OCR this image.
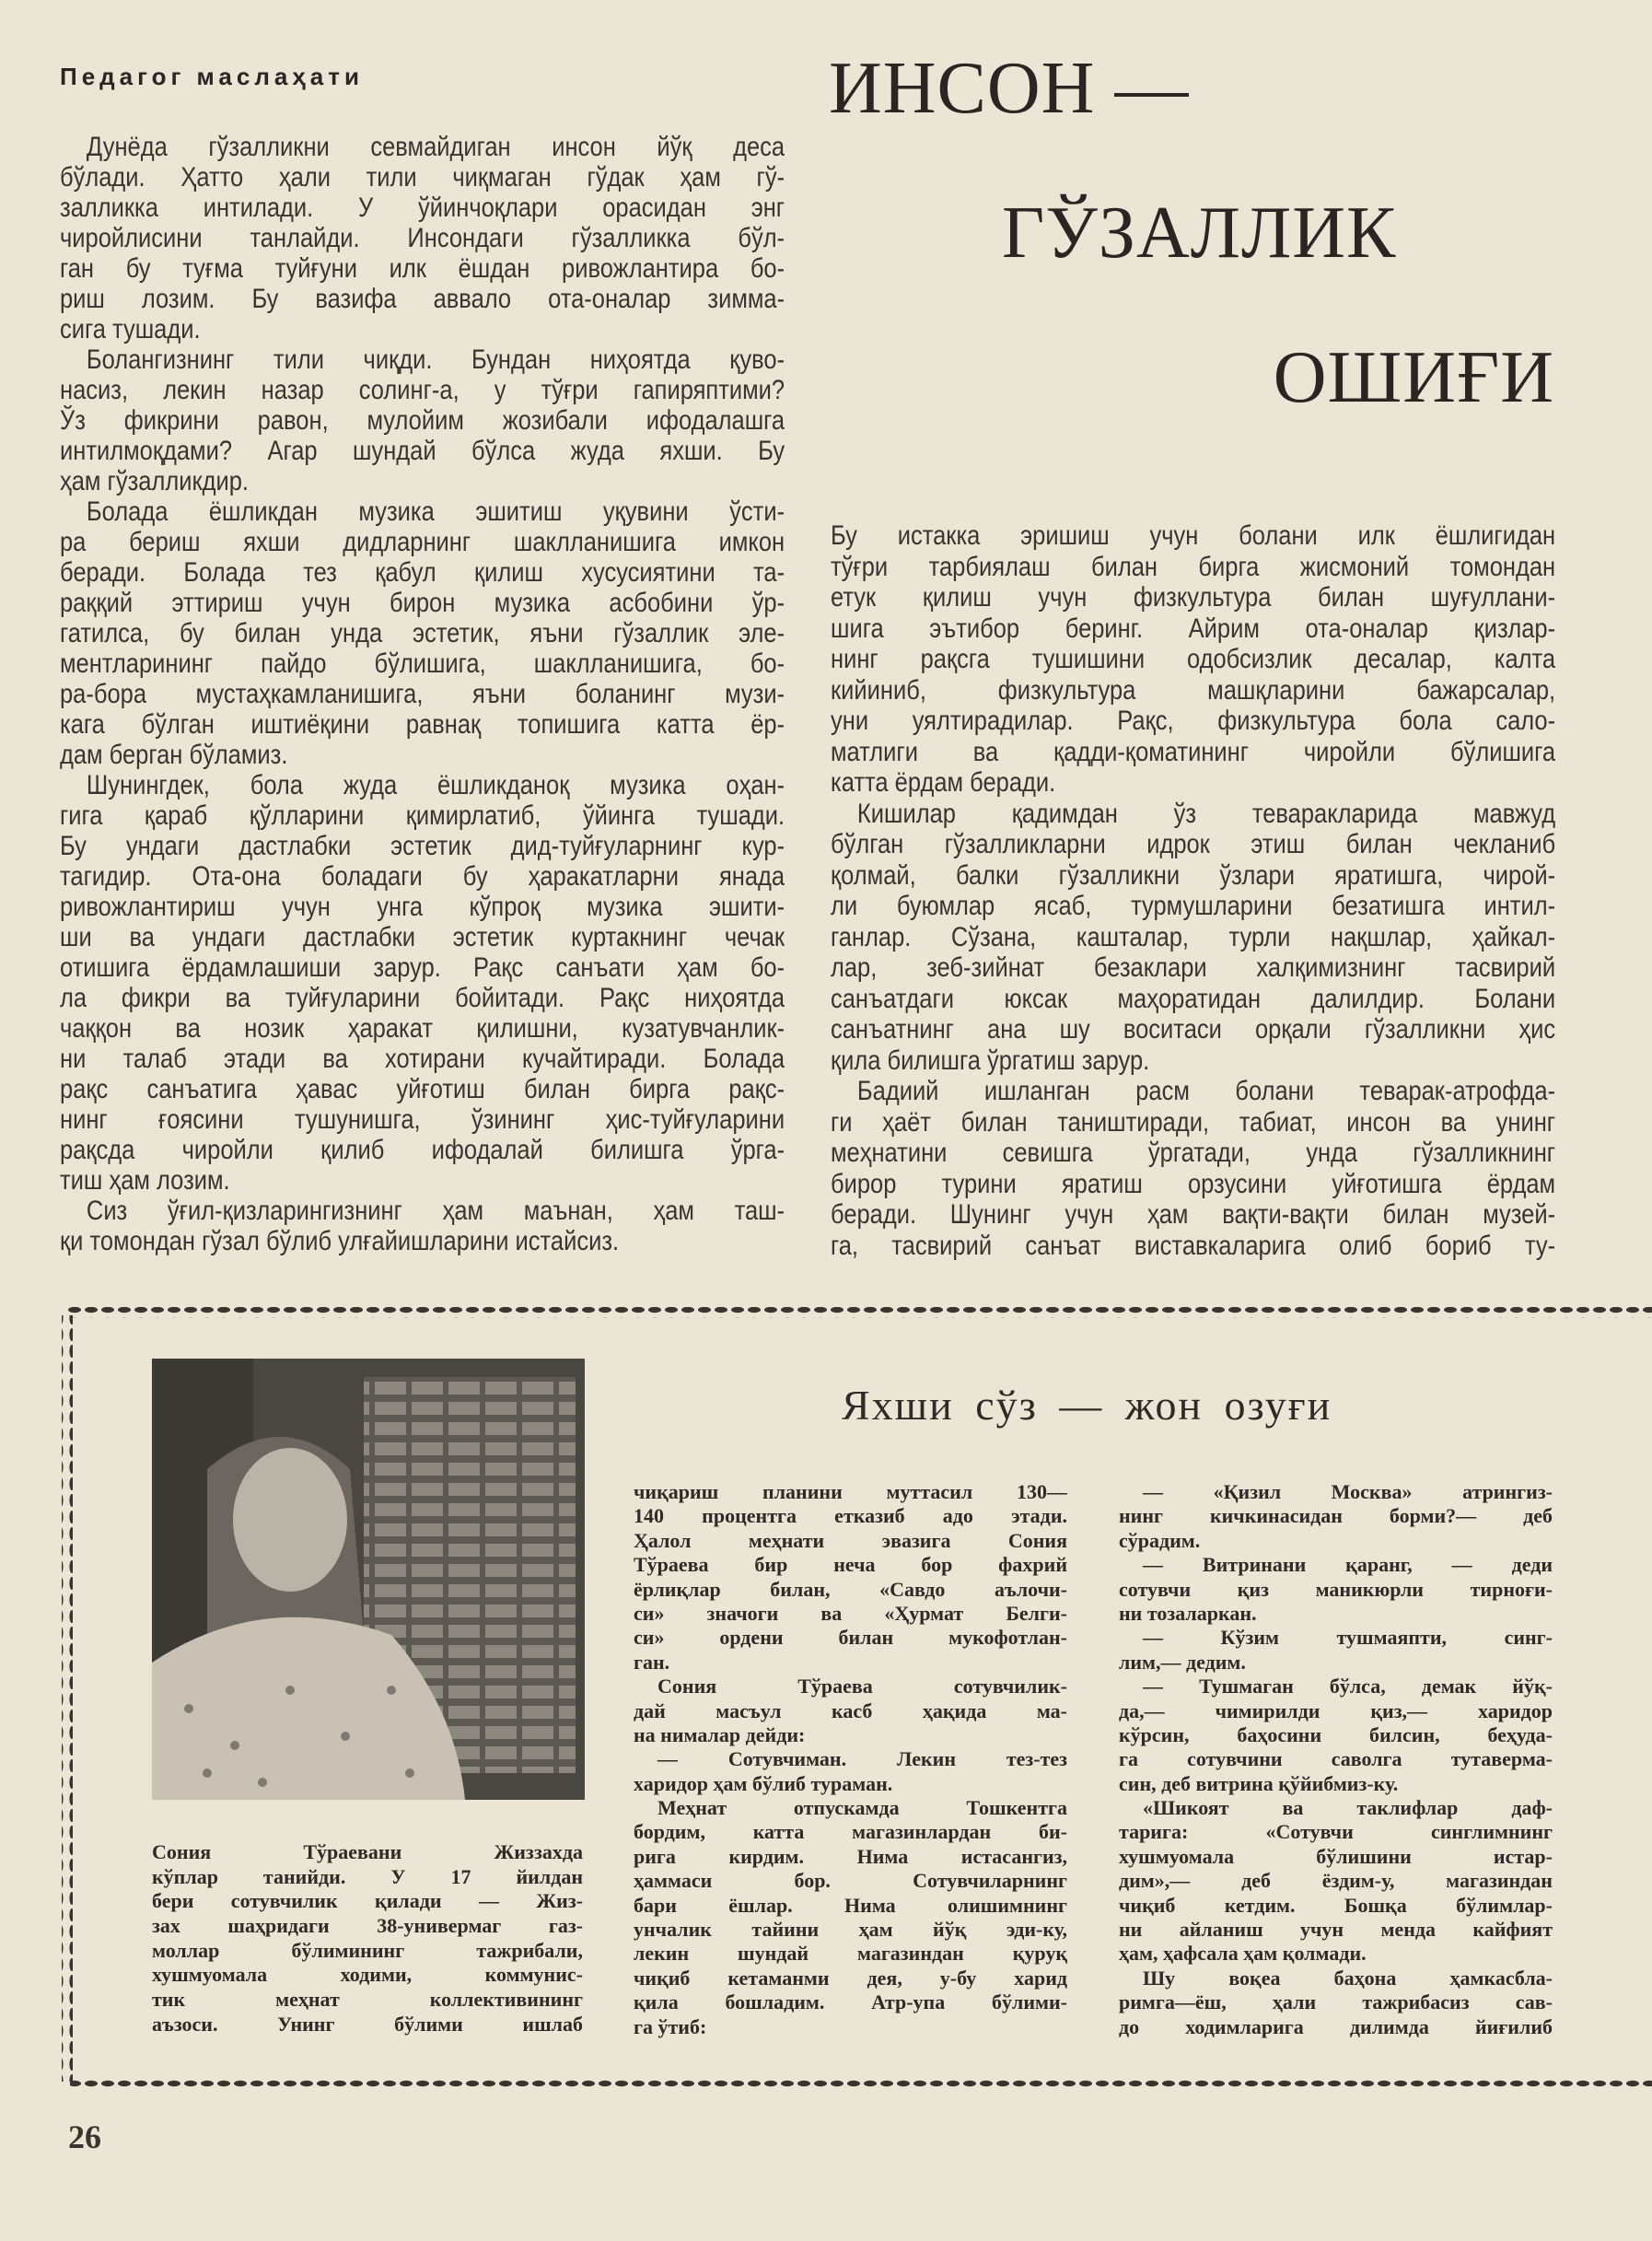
Педагог маслаҳати	ИНСОН —
ГЎЗАЛЛИК
ОШИҒИ
Дунёда гўзалликни севмайдиган инсон йўқ деса
бўлади. Ҳатто ҳали тили чиқмаган гўдак ҳам гў-
залликка интилади. У ўйинчоқлари орасидан энг
чиройлисини танлайди. Инсондаги гўзалликка бўл-
ган бу туғма туйғуни илк ёшдан ривожлантира бо-
риш лозим. Бу вазифа аввало ота-оналар зимма-
сига тушади.
Болангизнинг тили чиқди. Бундан ниҳоятда қуво-
насиз, лекин назар солинг-а, у тўғри гапиряптими?
Ўз фикрини равон, мулойим жозибали ифодалашга
интилмоқдами? Агар шундай бўлса жуда яхши. Бу
ҳам гўзалликдир.
Болада ёшликдан музика эшитиш уқувини ўсти-
ра бериш яхши дидларнинг шаклланишига имкон
беради. Болада тез қабул қилиш хусусиятини та-
раққий эттириш учун бирон музика асбобини ўр-
гатилса, бу билан унда эстетик, яъни гўзаллик эле-
ментларининг пайдо бўлишига, шаклланишига, бо-
ра-бора мустаҳкамланишига, яъни боланинг музи-
кага бўлган иштиёқини равнақ топишига катта ёр-
дам берган бўламиз.
Шунингдек, бола жуда ёшликданоқ музика оҳан-
гига қараб қўлларини қимирлатиб, ўйинга тушади.
Бу ундаги дастлабки эстетик дид-туйғуларнинг кур-
тагидир. Ота-она боладаги бу ҳаракатларни янада
ривожлантириш учун унга кўпроқ музика эшити-
ши ва ундаги дастлабки эстетик куртакнинг чечак
отишига ёрдамлашиши зарур. Рақс санъати ҳам бо-
ла фикри ва туйғуларини бойитади. Рақс ниҳоятда
чаққон ва нозик ҳаракат қилишни, кузатувчанлик-
ни талаб этади ва хотирани кучайтиради. Болада
рақс санъатига ҳавас уйғотиш билан бирга рақс-
нинг ғоясини тушунишга, ўзининг ҳис-туйғуларини
рақсда чиройли қилиб ифодалай билишга ўрга-
тиш ҳам лозим.
Сиз ўғил-қизларингизнинг ҳам маънан, ҳам таш-
қи томондан гўзал бўлиб улғайишларини истайсиз.
Бу истакка эришиш учун болани илк ёшлигидан
тўғри тарбиялаш билан бирга жисмоний томондан
етук қилиш учун физкультура билан шуғуллани-
шига эътибор беринг. Айрим ота-оналар қизлар-
нинг рақсга тушишини одобсизлик десалар, калта
кийиниб, физкультура машқларини бажарсалар,
уни уялтирадилар. Рақс, физкультура бола сало-
матлиги ва қадди-қоматининг чиройли бўлишига
катта ёрдам беради.
Кишилар қадимдан ўз теваракларида мавжуд
бўлган гўзалликларни идрок этиш билан чекланиб
қолмай, балки гўзалликни ўзлари яратишга, чирой-
ли буюмлар ясаб, турмушларини безатишга интил-
ганлар. Сўзана, кашталар, турли нақшлар, ҳайкал-
лар, зеб-зийнат безаклари халқимизнинг тасвирий
санъатдаги юксак маҳоратидан далилдир. Болани
санъатнинг ана шу воситаси орқали гўзалликни ҳис
қила билишга ўргатиш зарур.
Бадиий ишланган расм болани теварак-атрофда-
ги ҳаёт билан таништиради, табиат, инсон ва унинг
меҳнатини севишга ўргатади, унда гўзалликнинг
бирор турини яратиш орзусини уйғотишга ёрдам
беради. Шунинг учун ҳам вақти-вақти билан музей-
га, тасвирий санъат виставкаларига олиб бориб ту-
Яхши сўз — жон озуғи
Сония Тўраевани Жиззахда
кўплар танийди. У 17 йилдан
бери сотувчилик қилади — Жиз-
зах шаҳридаги 38-универмаг газ-
моллар бўлимининг тажрибали,
хушмуомала ходими, коммунис-
тик меҳнат коллективининг
аъзоси. Унинг бўлими ишлаб
чиқариш планини муттасил 130—
140 процентга етказиб адо этади.
Ҳалол меҳнати эвазига Сония
Тўраева бир неча бор фахрий
ёрлиқлар билан, «Савдо аълочи-
си» значоги ва «Ҳурмат Белги-
си» ордени билан мукофотлан-
ган.
Сония Тўраева сотувчилик-
дай масъул касб ҳақида ма-
на нималар дейди:
— Сотувчиман. Лекин тез-тез
харидор ҳам бўлиб тураман.
Меҳнат отпускамда Тошкентга
бордим, катта магазинлардан би-
рига кирдим. Нима истасангиз,
ҳаммаси бор. Сотувчиларнинг
бари ёшлар. Нима олишимнинг
унчалик тайини ҳам йўқ эди-ку,
лекин шундай магазиндан қуруқ
чиқиб кетаманми дея, у-бу харид
қила бошладим. Атр-упа бўлими-
га ўтиб:
— «Қизил Москва» атрингиз-
нинг кичкинасидан борми?— деб
сўрадим.
— Витринани қаранг, — деди
сотувчи қиз маникюрли тирноғи-
ни тозаларкан.
— Кўзим тушмаяпти, синг-
лим,— дедим.
— Тушмаган бўлса, демак йўқ-
да,— чимирилди қиз,— харидор
кўрсин, баҳосини билсин, беҳуда-
га сотувчини саволга тутаверма-
син, деб витрина қўйибмиз-ку.
«Шикоят ва таклифлар даф-
тарига: «Сотувчи синглимнинг
хушмуомала бўлишини истар-
дим»,— деб ёздим-у, магазиндан
чиқиб кетдим. Бошқа бўлимлар-
ни айланиш учун менда кайфият
ҳам, ҳафсала ҳам қолмади.
Шу воқеа баҳона ҳамкасбла-
римга—ёш, ҳали тажрибасиз сав-
до ходимларига дилимда йиғилиб
26
